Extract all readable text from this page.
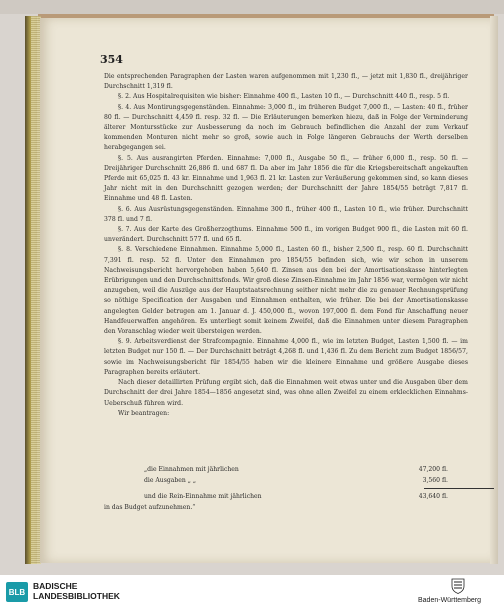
354

Die entsprechenden Paragraphen der Lasten waren aufgenommen mit 1,230 fl., — jetzt mit 1,830 fl., dreijähriger Durchschnitt 1,319 fl.

§. 2. Aus Hospitalrequisiten wie bisher: Einnahme 400 fl., Lasten 10 fl., — Durchschnitt 440 fl., resp. 5 fl.

§. 4. Aus Montirungsgegenständen. Einnahme: 3,000 fl., im früheren Budget 7,000 fl., — Lasten: 40 fl., früher 80 fl. — Durchschnitt 4,459 fl. resp. 32 fl. — Die Erläuterungen bemerken hiezu, daß in Folge der Verminderung älterer Montursstücke zur Ausbesserung da noch im Gebrauch befindlichen die Anzahl der zum Verkauf kommenden Monturen nicht mehr so groß, sowie auch in Folge längeren Gebrauchs der Werth derselben herabgegangen sei.

§. 5. Aus ausrangirten Pferden. Einnahme: 7,000 fl., Ausgabe 50 fl., — früher 6,000 fl., resp. 50 fl. — Dreijähriger Durchschnitt 26,886 fl. und 687 fl. Da aber im Jahr 1856 die für die Kriegsbereitschaft angekauften Pferde mit 65,025 fl. 43 kr. Einnahme und 1,963 fl. 21 kr. Lasten zur Veräußerung gekommen sind, so kann dieses Jahr nicht mit in den Durchschnitt gezogen werden; der Durchschnitt der Jahre 1854/55 beträgt 7,817 fl. Einnahme und 48 fl. Lasten.

§. 6. Aus Ausrüstungsgegenständen. Einnahme 300 fl., früher 400 fl., Lasten 10 fl., wie früher. Durchschnitt 378 fl. und 7 fl.

§. 7. Aus der Karte des Großherzogthums. Einnahme 500 fl., im vorigen Budget 900 fl., die Lasten mit 60 fl. unverändert. Durchschnitt 577 fl. und 65 fl.

§. 8. Verschiedene Einnahmen. Einnahme 5,000 fl., Lasten 60 fl., bisher 2,500 fl., resp. 60 fl. Durchschnitt 7,391 fl. resp. 52 fl. Unter den Einnahmen pro 1854/55 befinden sich, wie wir schon in unserem Nachweisungsbericht hervorgehoben haben 5,640 fl. Zinsen aus den bei der Amortisationskasse hinterlegten Erübrigungen und den Durchschnittsfonds. Wir groß diese Zinsen-Einnahme im Jahr 1856 war, vermögen wir nicht anzugeben, weil die Auszüge aus der Hauptstaatsrechnung seither nicht mehr die zu genauer Rechnungsprüfung so nöthige Specification der Ausgaben und Einnahmen enthalten, wie früher. Die bei der Amortisationskasse angelegten Gelder betrugen am 1. Januar d. J. 450,000 fl., wovon 197,000 fl. dem Fond für Anschaffung neuer Handfeuerwaffen angehören. Es unterliegt somit keinem Zweifel, daß die Einnahmen unter diesem Paragraphen den Voranschlag wieder weit übersteigen werden.

§. 9. Arbeitsverdienst der Strafcompagnie. Einnahme 4,000 fl., wie im letzten Budget, Lasten 1,500 fl. — im letzten Budget nur 150 fl. — Der Durchschnitt beträgt 4,268 fl. und 1,436 fl. Zu dem Bericht zum Budget 1856/57, sowie im Nachweisungsbericht für 1854/55 haben wir die kleinere Einnahme und größere Ausgabe dieses Paragraphen bereits erläutert.

Nach dieser detaillirten Prüfung ergibt sich, daß die Einnahmen weit etwas unter und die Ausgaben über dem Durchschnitt der drei Jahre 1854—1856 angesetzt sind, was ohne allen Zweifel zu einem erklecklichen Einnahms-Ueberschuß führen wird.

Wir beantragen:

„die Einnahmen mit jährlichen	47,200 fl.
die Ausgaben „ „	3,560 fl.
und die Rein-Einnahme mit jährlichen	43,640 fl.
in das Budget aufzunehmen.“
BLB
BADISCHE
LANDESBIBLIOTHEK	Baden-Württemberg
